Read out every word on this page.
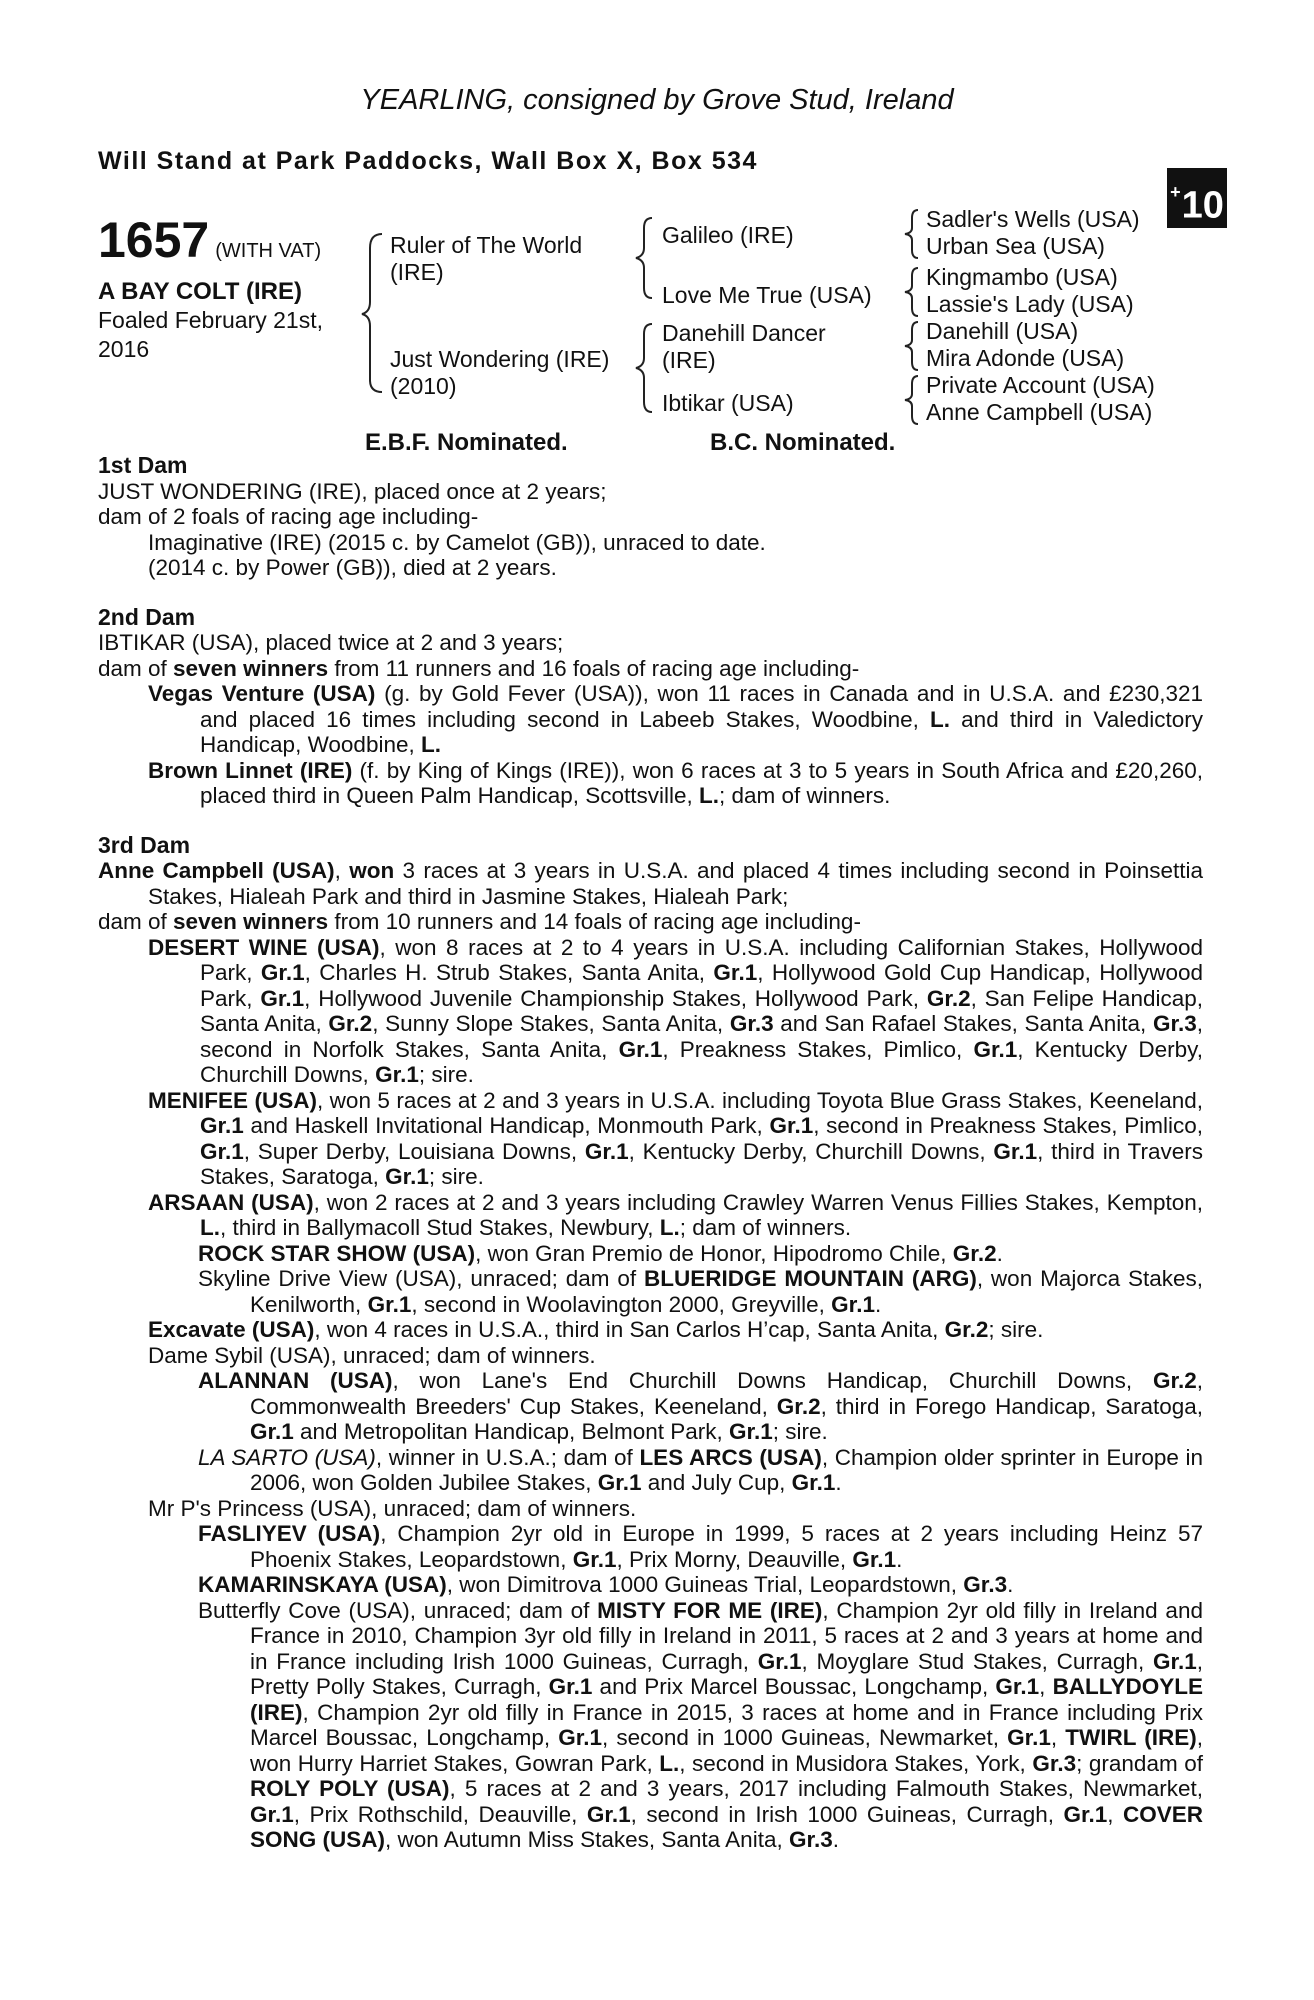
YEARLING, consigned by Grove Stud, Ireland
Will Stand at Park Paddocks, Wall Box X, Box 534
+10
1657 (WITH VAT)
A BAY COLT (IRE)
Foaled February 21st, 2016
Ruler of The World (IRE)
Just Wondering (IRE) (2010)
Galileo (IRE)
Love Me True (USA)
Danehill Dancer (IRE)
Ibtikar (USA)
Sadler's Wells (USA)
Urban Sea (USA)
Kingmambo (USA)
Lassie's Lady (USA)
Danehill (USA)
Mira Adonde (USA)
Private Account (USA)
Anne Campbell (USA)
E.B.F. Nominated.	B.C. Nominated.

1st Dam

JUST WONDERING (IRE), placed once at 2 years;

dam of 2 foals of racing age including-

Imaginative (IRE) (2015 c. by Camelot (GB)), unraced to date.

(2014 c. by Power (GB)), died at 2 years.

2nd Dam

IBTIKAR (USA), placed twice at 2 and 3 years;

dam of seven winners from 11 runners and 16 foals of racing age including-

Vegas Venture (USA) (g. by Gold Fever (USA)), won 11 races in Canada and in U.S.A. and £230,321 and placed 16 times including second in Labeeb Stakes, Woodbine, L. and third in Valedictory Handicap, Woodbine, L.

Brown Linnet (IRE) (f. by King of Kings (IRE)), won 6 races at 3 to 5 years in South Africa and £20,260, placed third in Queen Palm Handicap, Scottsville, L.; dam of winners.

3rd Dam

Anne Campbell (USA), won 3 races at 3 years in U.S.A. and placed 4 times including second in Poinsettia Stakes, Hialeah Park and third in Jasmine Stakes, Hialeah Park;

dam of seven winners from 10 runners and 14 foals of racing age including-

DESERT WINE (USA), won 8 races at 2 to 4 years in U.S.A. including Californian Stakes, Hollywood Park, Gr.1, Charles H. Strub Stakes, Santa Anita, Gr.1, Hollywood Gold Cup Handicap, Hollywood Park, Gr.1, Hollywood Juvenile Championship Stakes, Hollywood Park, Gr.2, San Felipe Handicap, Santa Anita, Gr.2, Sunny Slope Stakes, Santa Anita, Gr.3 and San Rafael Stakes, Santa Anita, Gr.3, second in Norfolk Stakes, Santa Anita, Gr.1, Preakness Stakes, Pimlico, Gr.1, Kentucky Derby, Churchill Downs, Gr.1; sire.

MENIFEE (USA), won 5 races at 2 and 3 years in U.S.A. including Toyota Blue Grass Stakes, Keeneland, Gr.1 and Haskell Invitational Handicap, Monmouth Park, Gr.1, second in Preakness Stakes, Pimlico, Gr.1, Super Derby, Louisiana Downs, Gr.1, Kentucky Derby, Churchill Downs, Gr.1, third in Travers Stakes, Saratoga, Gr.1; sire.

ARSAAN (USA), won 2 races at 2 and 3 years including Crawley Warren Venus Fillies Stakes, Kempton, L., third in Ballymacoll Stud Stakes, Newbury, L.; dam of winners.

ROCK STAR SHOW (USA), won Gran Premio de Honor, Hipodromo Chile, Gr.2.

Skyline Drive View (USA), unraced; dam of BLUERIDGE MOUNTAIN (ARG), won Majorca Stakes, Kenilworth, Gr.1, second in Woolavington 2000, Greyville, Gr.1.

Excavate (USA), won 4 races in U.S.A., third in San Carlos H’cap, Santa Anita, Gr.2; sire.

Dame Sybil (USA), unraced; dam of winners.

ALANNAN (USA), won Lane's End Churchill Downs Handicap, Churchill Downs, Gr.2, Commonwealth Breeders' Cup Stakes, Keeneland, Gr.2, third in Forego Handicap, Saratoga, Gr.1 and Metropolitan Handicap, Belmont Park, Gr.1; sire.

LA SARTO (USA), winner in U.S.A.; dam of LES ARCS (USA), Champion older sprinter in Europe in 2006, won Golden Jubilee Stakes, Gr.1 and July Cup, Gr.1.

Mr P's Princess (USA), unraced; dam of winners.

FASLIYEV (USA), Champion 2yr old in Europe in 1999, 5 races at 2 years including Heinz 57 Phoenix Stakes, Leopardstown, Gr.1, Prix Morny, Deauville, Gr.1.

KAMARINSKAYA (USA), won Dimitrova 1000 Guineas Trial, Leopardstown, Gr.3.

Butterfly Cove (USA), unraced; dam of MISTY FOR ME (IRE), Champion 2yr old filly in Ireland and France in 2010, Champion 3yr old filly in Ireland in 2011, 5 races at 2 and 3 years at home and in France including Irish 1000 Guineas, Curragh, Gr.1, Moyglare Stud Stakes, Curragh, Gr.1, Pretty Polly Stakes, Curragh, Gr.1 and Prix Marcel Boussac, Longchamp, Gr.1, BALLYDOYLE (IRE), Champion 2yr old filly in France in 2015, 3 races at home and in France including Prix Marcel Boussac, Longchamp, Gr.1, second in 1000 Guineas, Newmarket, Gr.1, TWIRL (IRE), won Hurry Harriet Stakes, Gowran Park, L., second in Musidora Stakes, York, Gr.3; grandam of ROLY POLY (USA), 5 races at 2 and 3 years, 2017 including Falmouth Stakes, Newmarket, Gr.1, Prix Rothschild, Deauville, Gr.1, second in Irish 1000 Guineas, Curragh, Gr.1, COVER SONG (USA), won Autumn Miss Stakes, Santa Anita, Gr.3.
